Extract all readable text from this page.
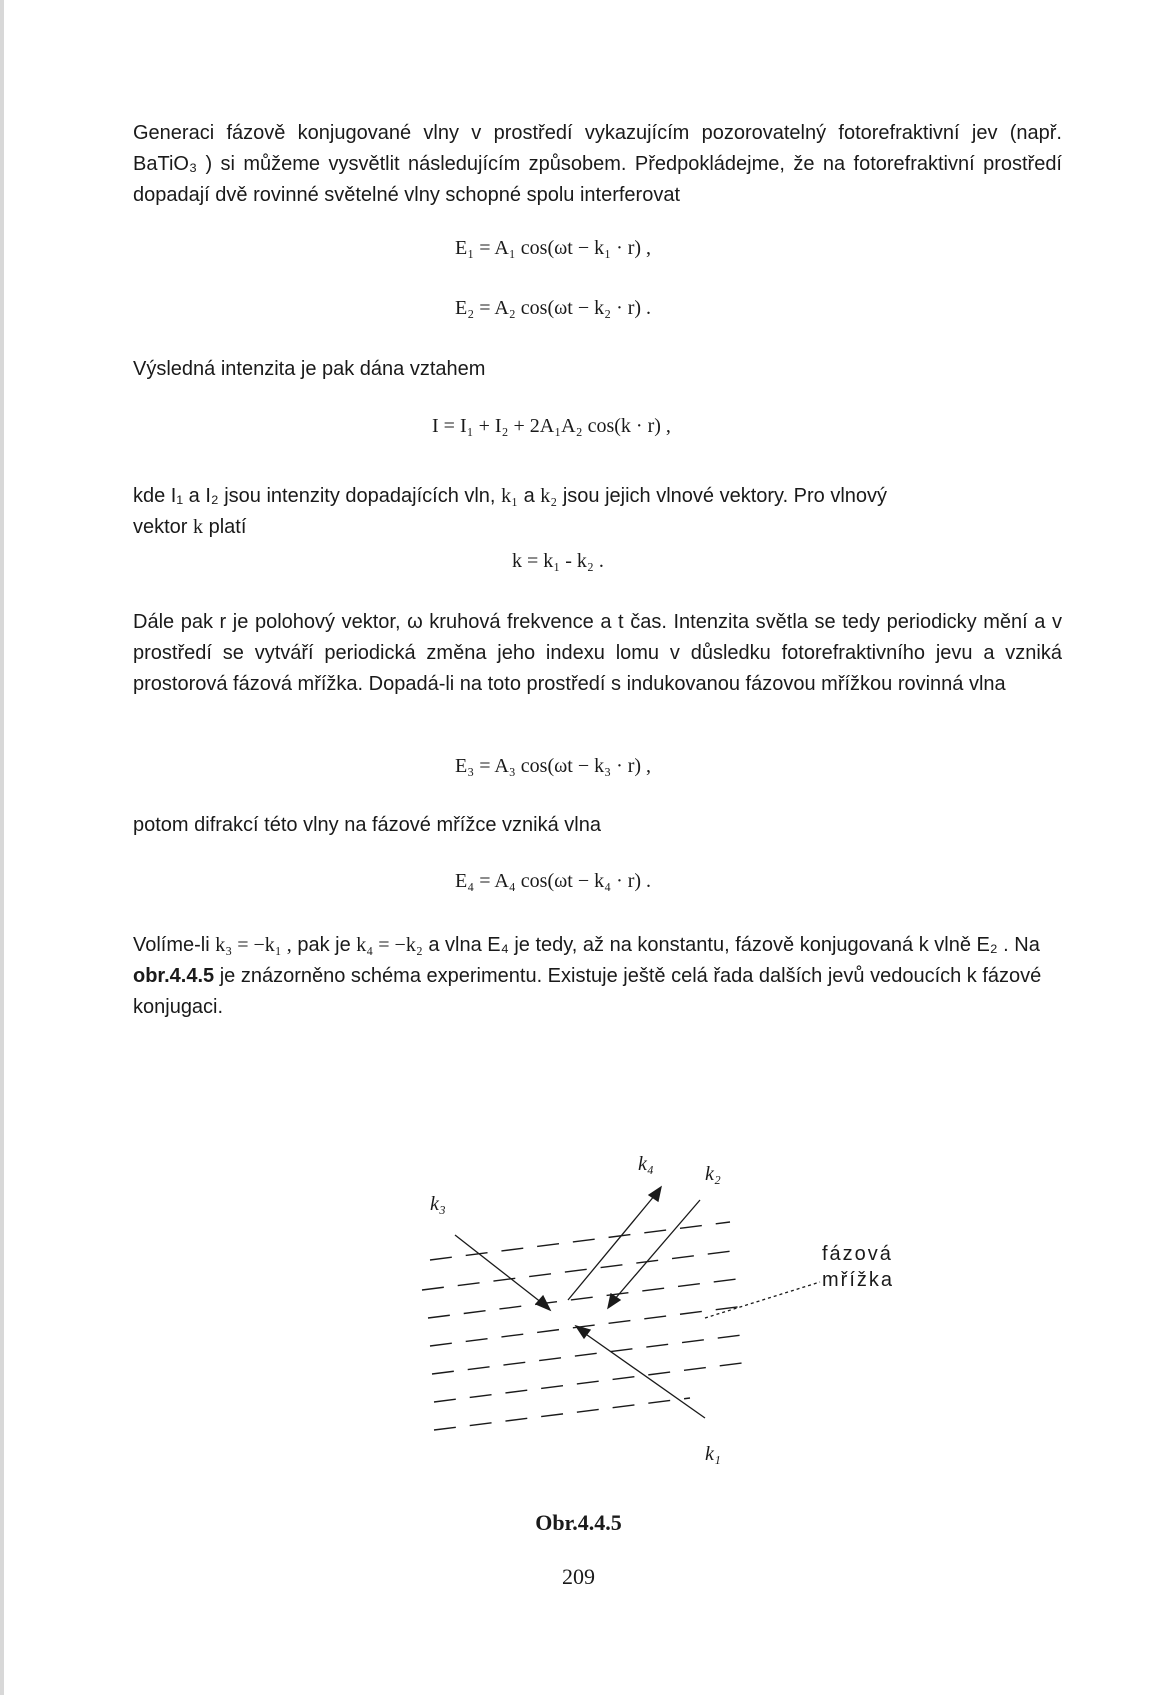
Generaci fázově konjugované vlny v prostředí vykazujícím pozorovatelný fotorefraktivní jev (např. BaTiO₃ ) si můžeme vysvětlit následujícím způsobem. Předpokládejme, že na fotorefraktivní prostředí dopadají dvě rovinné světelné vlny schopné spolu interferovat

E₁ = A₁ cos(ωt − k₁ · r) ,
E₂ = A₂ cos(ωt − k₂ · r) .

Výsledná intenzita je pak dána vztahem

I = I₁ + I₂ + 2A₁A₂ cos(k · r) ,

kde I₁ a I₂ jsou intenzity dopadajících vln, k₁ a k₂ jsou jejich vlnové vektory. Pro vlnový
vektor k platí

k = k₁ - k₂ .

Dále pak r je polohový vektor, ω kruhová frekvence a t čas. Intenzita světla se tedy periodicky mění a v prostředí se vytváří periodická změna jeho indexu lomu v důsledku fotorefraktivního jevu a vzniká prostorová fázová mřížka. Dopadá-li na toto prostředí s indukovanou fázovou mřížkou rovinná vlna

E₃ = A₃ cos(ωt − k₃ · r) ,

potom difrakcí této vlny na fázové mřížce vzniká vlna

E₄ = A₄ cos(ωt − k₄ · r) .

Volíme-li k₃ = −k₁ , pak je k₄ = −k₂ a vlna E₄ je tedy, až na konstantu, fázově konjugovaná k vlně E₂ . Na obr.4.4.5 je znázorněno schéma experimentu. Existuje ještě celá řada dalších jevů vedoucích k fázové konjugaci.

k₃
k₁
k₄	k₂
fázová
mřížka
Obr.4.4.5
209
